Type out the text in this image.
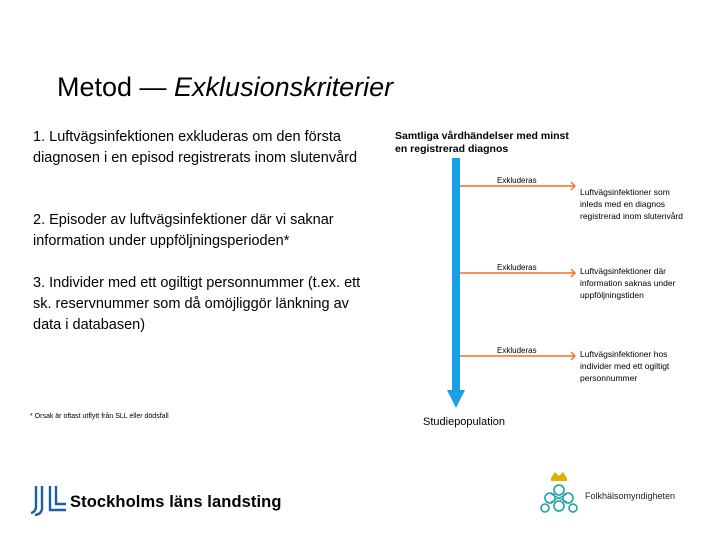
Metod — Exklusionskriterier
1. Luftvägsinfektionen exkluderas om den första diagnosen i en episod registrerats inom slutenvård
2. Episoder av luftvägsinfektioner där vi saknar information under uppföljningsperioden*
3. Individer med ett ogiltigt personnummer (t.ex. ett sk. reservnummer som då omöjliggör länkning av data i databasen)
* Orsak är oftast utflytt från SLL eller dödsfall
Samtliga vårdhändelser med minst en registrerad diagnos
Exkluderas
Exkluderas
Exkluderas
Luftvägsinfektioner som inleds med en diagnos registrerad inom slutenvård
Luftvägsinfektioner där information saknas under uppföljningstiden
Luftvägsinfektioner hos individer med ett ogiltigt personnummer
Studiepopulation
Stockholms läns landsting	Folkhälsomyndigheten
